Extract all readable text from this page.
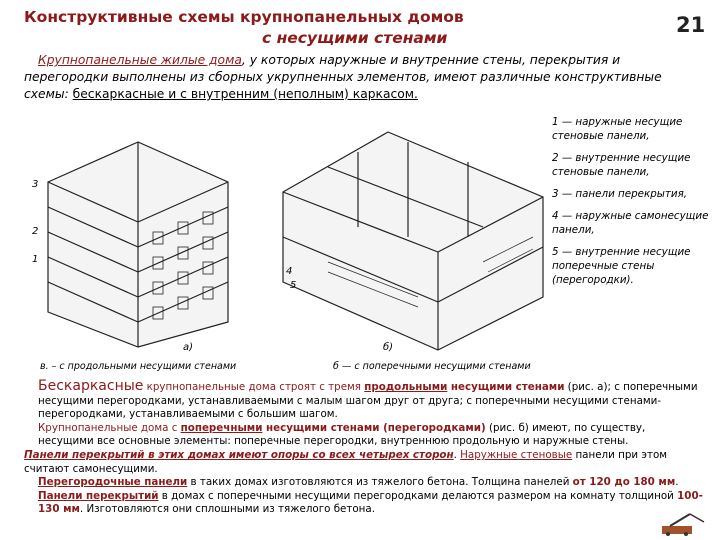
Конструктивные схемы крупнопанельных домов
с несущими стенами
21
Крупнопанельные жилые дома, у которых наружные и внутренние стены, перекрытия и перегородки выполнены из сборных укрупненных элементов, имеют различные конструктивные схемы: бескаркасные и с внутренним (неполным) каркасом.
3
2
1
а)
4
5
б)

1 — наружные несущие стеновые панели,

2 — внутренние несущие стеновые панели,

3 — панели перекрытия,

4 — наружные самонесущие панели,

5 — внутренние несущие поперечные стены (перегородки).

в. – с продольными несущими стенами	б — с поперечными несущими стенами

Бескаркасные крупнопанельные дома строят с тремя продольными несущими стенами (рис. а); с поперечными несущими перегородками, устанавливаемыми с малым шагом друг от друга; с поперечными несущими стенами-перегородками, устанавливаемыми с большим шагом.

Крупнопанельные дома с поперечными несущими стенами (перегородками) (рис. б) имеют, по существу, несущими все основные элементы: поперечные перегородки, внутреннюю продольную и наружные стены.

Панели перекрытий в этих домах имеют опоры со всех четырех сторон. Наружные стеновые панели при этом считают самонесущими.

Перегородочные панели в таких домах изготовляются из тяжелого бетона. Толщина панелей от 120 до 180 мм.

Панели перекрытий в домах с поперечными несущими перегородками делаются размером на комнату толщиной 100-130 мм. Изготовляются они сплошными из тяжелого бетона.
